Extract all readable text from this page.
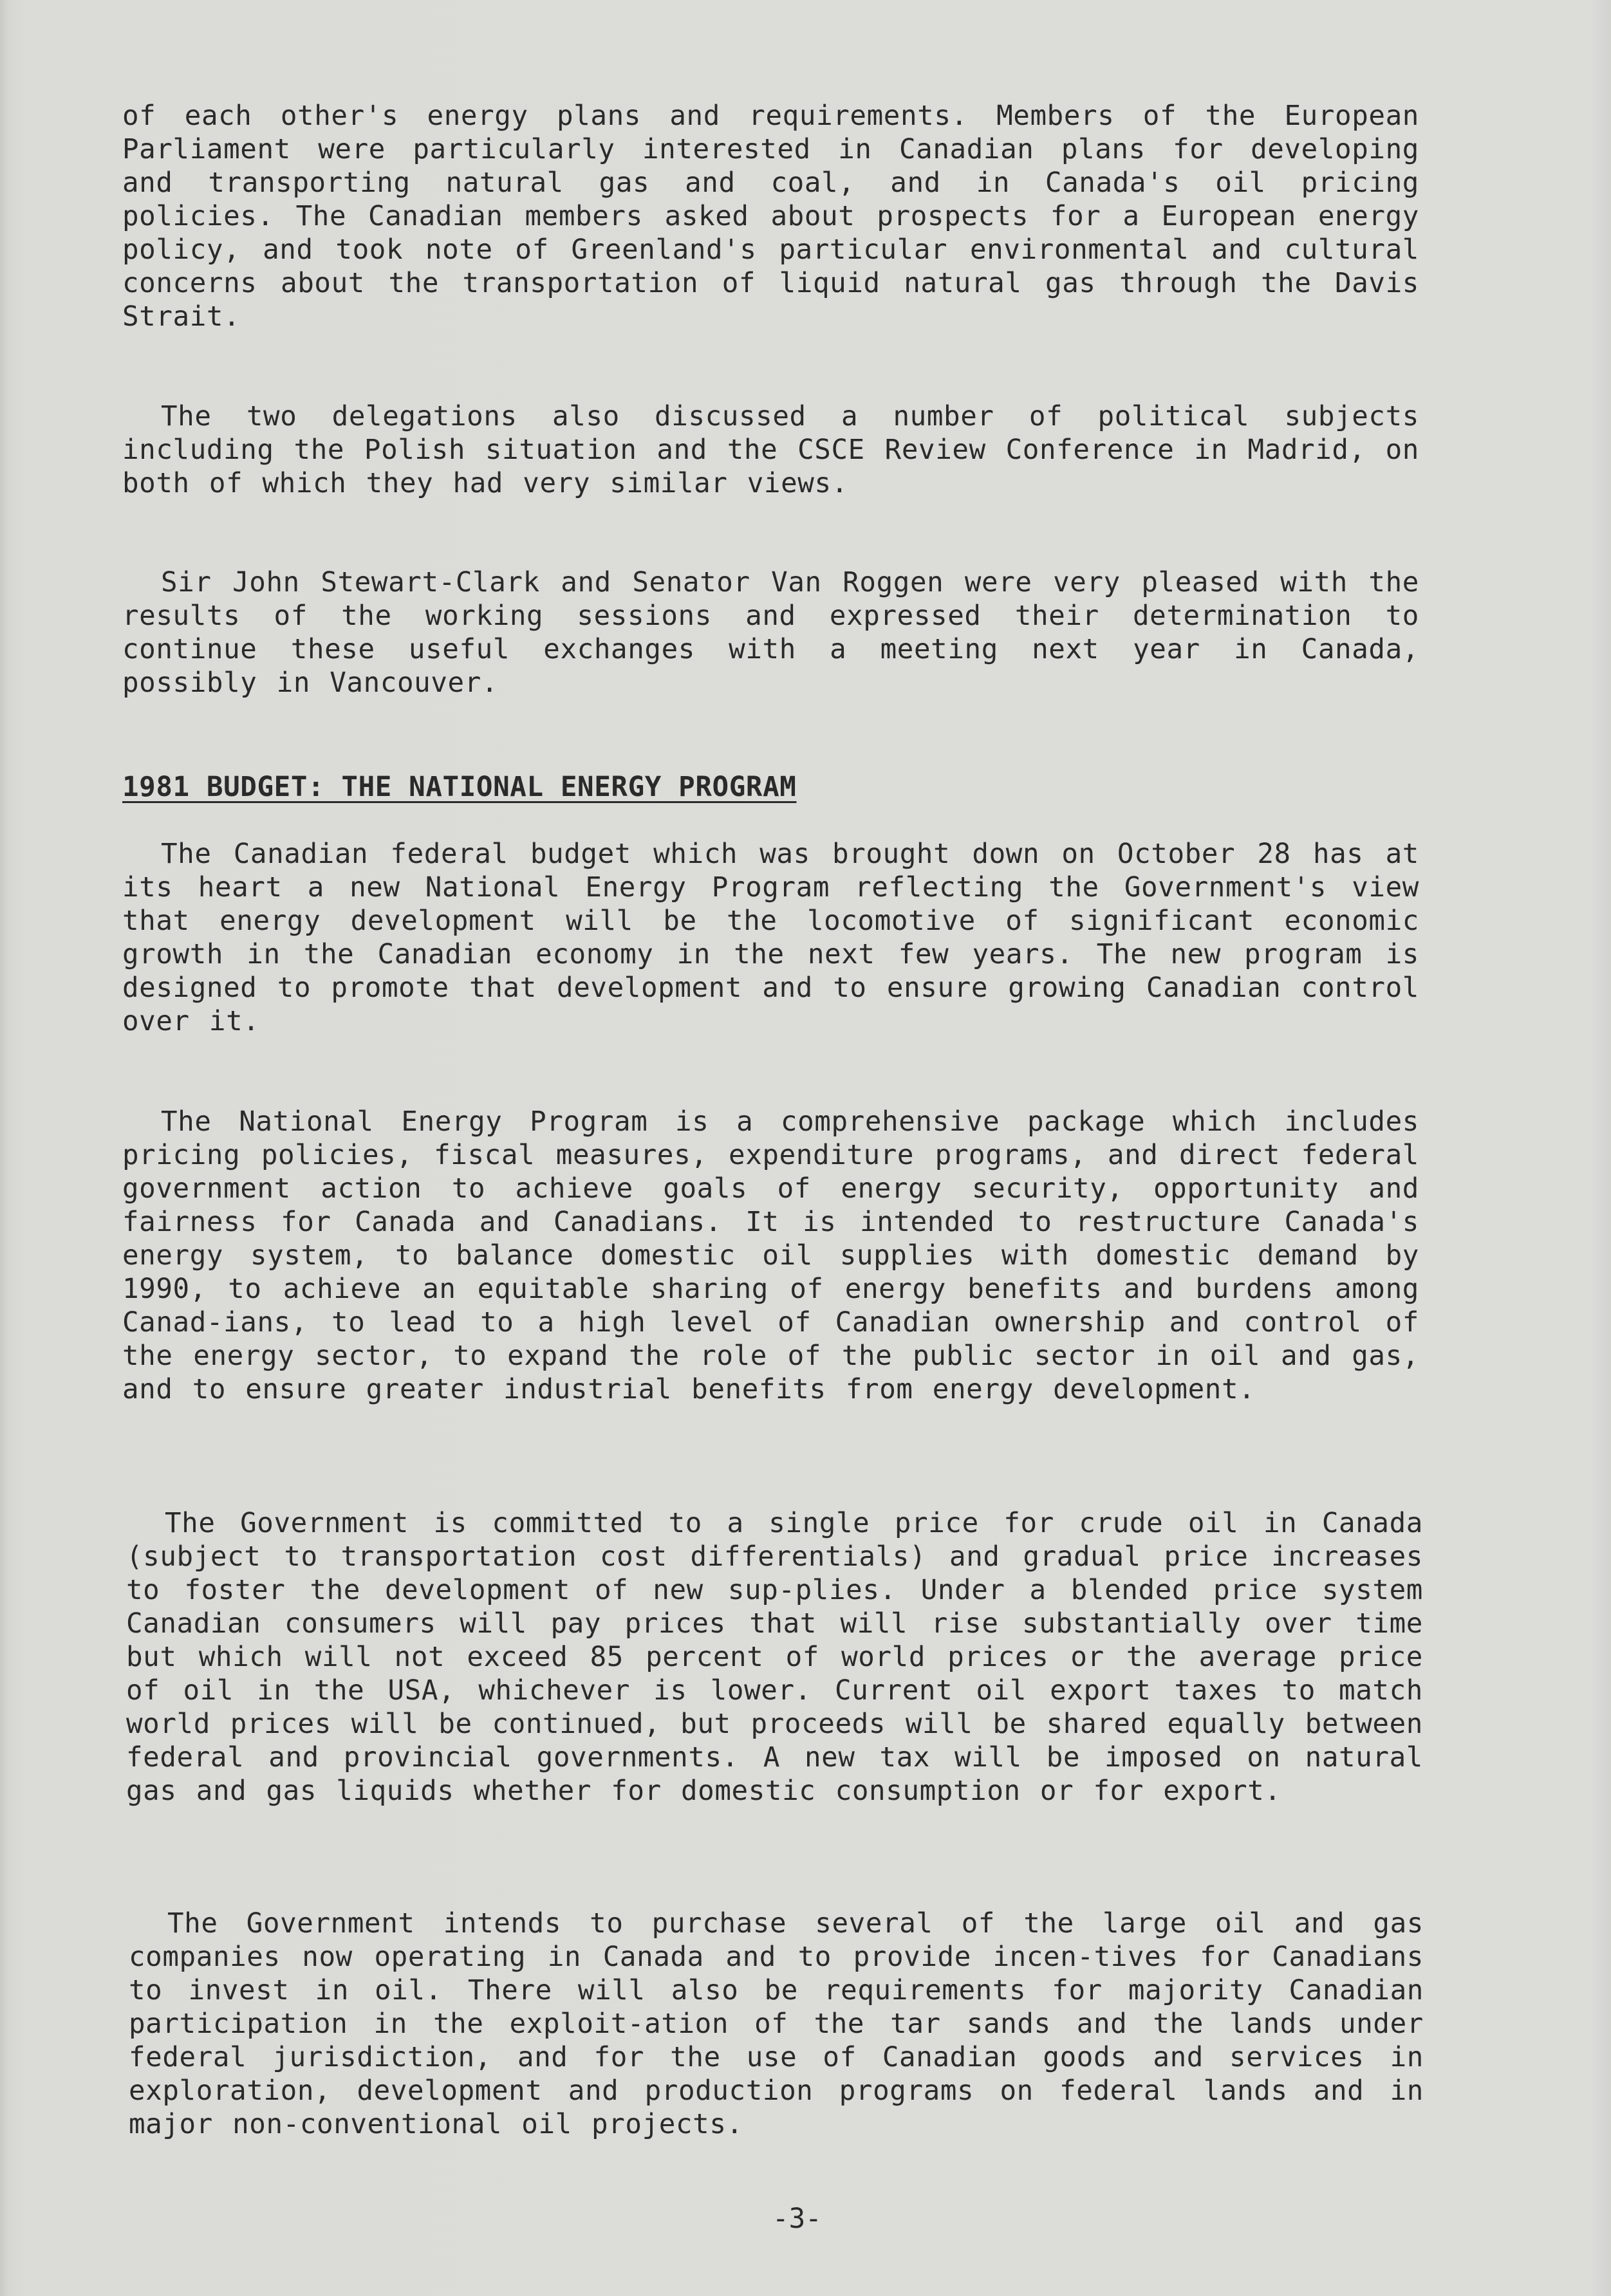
of each other's energy plans and requirements. Members of the European Parliament were particularly interested in Canadian plans for developing and transporting natural gas and coal, and in Canada's oil pricing policies. The Canadian members asked about prospects for a European energy policy, and took note of Greenland's particular environmental and cultural concerns about the transportation of liquid natural gas through the Davis Strait.

The two delegations also discussed a number of political subjects including the Polish situation and the CSCE Review Conference in Madrid, on both of which they had very similar views.

Sir John Stewart-Clark and Senator Van Roggen were very pleased with the results of the working sessions and expressed their determination to continue these useful exchanges with a meeting next year in Canada, possibly in Vancouver.

1981 BUDGET: THE NATIONAL ENERGY PROGRAM

The Canadian federal budget which was brought down on October 28 has at its heart a new National Energy Program reflecting the Government's view that energy development will be the locomotive of significant economic growth in the Canadian economy in the next few years. The new program is designed to promote that development and to ensure growing Canadian control over it.

The National Energy Program is a comprehensive package which includes pricing policies, fiscal measures, expenditure programs, and direct federal government action to achieve goals of energy security, opportunity and fairness for Canada and Canadians. It is intended to restructure Canada's energy system, to balance domestic oil supplies with domestic demand by 1990, to achieve an equitable sharing of energy benefits and burdens among Canad-ians, to lead to a high level of Canadian ownership and control of the energy sector, to expand the role of the public sector in oil and gas, and to ensure greater industrial benefits from energy development.

The Government is committed to a single price for crude oil in Canada (subject to transportation cost differentials) and gradual price increases to foster the development of new sup-plies. Under a blended price system Canadian consumers will pay prices that will rise substantially over time but which will not exceed 85 percent of world prices or the average price of oil in the USA, whichever is lower. Current oil export taxes to match world prices will be continued, but proceeds will be shared equally between federal and provincial governments. A new tax will be imposed on natural gas and gas liquids whether for domestic consumption or for export.

The Government intends to purchase several of the large oil and gas companies now operating in Canada and to provide incen-tives for Canadians to invest in oil. There will also be requirements for majority Canadian participation in the exploit-ation of the tar sands and the lands under federal jurisdiction, and for the use of Canadian goods and services in exploration, development and production programs on federal lands and in major non-conventional oil projects.

-3-
